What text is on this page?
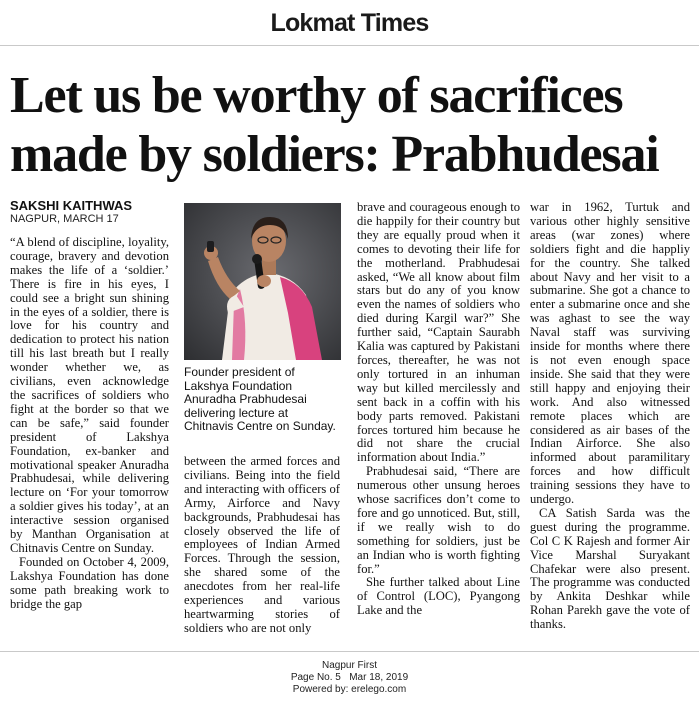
Lokmat Times
Let us be worthy of sacrifices
made by soldiers: Prabhudesai
SAKSHI KAITHWAS
NAGPUR, MARCH 17

“A blend of discipline, loyality, courage, bravery and devotion makes the life of a ‘soldier.’ There is fire in his eyes, I could see a bright sun shining in the eyes of a soldier, there is love for his country and dedication to protect his nation till his last breath but I really wonder whether we, as civilians, even acknowledge the sacrifices of soldiers who fight at the border so that we can be safe,” said founder president of Lakshya Foundation, ex-banker and motivational speaker Anuradha Prabhudesai, while delivering lecture on ‘For your tomorrow a soldier gives his today’, at an interactive session organised by Manthan Organisation at Chitnavis Centre on Sunday.

Founded on October 4, 2009, Lakshya Foundation has done some path breaking work to bridge the gap

Founder president of Lakshya Foundation Anuradha Prabhudesai delivering lecture at Chitnavis Centre on Sunday.

between the armed forces and civilians. Being into the field and interacting with officers of Army, Airforce and Navy backgrounds, Prabhudesai has closely observed the life of employees of Indian Armed Forces. Through the session, she shared some of the anecdotes from her real-life experiences and various heartwarming stories of soldiers who are not only

brave and courageous enough to die happily for their country but they are equally proud when it comes to devoting their life for the motherland. Prabhudesai asked, “We all know about film stars but do any of you know even the names of soldiers who died during Kargil war?” She further said, “Captain Saurabh Kalia was captured by Pakistani forces, thereafter, he was not only tortured in an inhuman way but killed mercilessly and sent back in a coffin with his body parts removed. Pakistani forces tortured him because he did not share the crucial information about India.”

Prabhudesai said, “There are numerous other unsung heroes whose sacrifices don’t come to fore and go unnoticed. But, still, if we really wish to do something for soldiers, just be an Indian who is worth fighting for.”

She further talked about Line of Control (LOC), Pyangong Lake and the

war in 1962, Turtuk and various other highly sensitive areas (war zones) where soldiers fight and die happliy for the country. She talked about Navy and her visit to a submarine. She got a chance to enter a submarine once and she was aghast to see the way Naval staff was surviving inside for months where there is not even enough space inside. She said that they were still happy and enjoying their work. And also witnessed remote places which are considered as air bases of the Indian Airforce. She also informed about paramilitary forces and how difficult training sessions they have to undergo.

CA Satish Sarda was the guest during the programme. Col C K Rajesh and former Air Vice Marshal Suryakant Chafekar were also present. The programme was conducted by Ankita Deshkar while Rohan Parekh gave the vote of thanks.

Nagpur First
Page No. 5 Mar 18, 2019
Powered by: erelego.com
